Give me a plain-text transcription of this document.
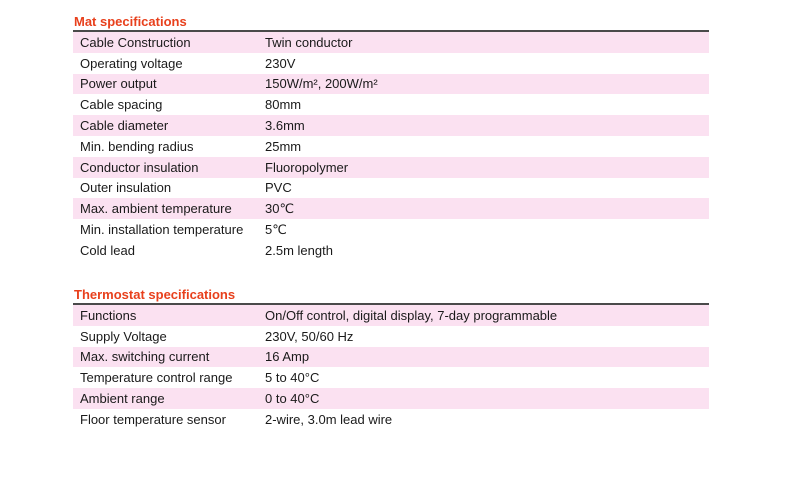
Mat specifications
Cable Construction	Twin conductor
Operating voltage	230V
Power output	150W/m², 200W/m²
Cable spacing	80mm
Cable diameter	3.6mm
Min. bending radius	25mm
Conductor insulation	Fluoropolymer
Outer insulation	PVC
Max. ambient temperature	30℃
Min. installation temperature	5℃
Cold lead	2.5m length
Thermostat specifications
Functions	On/Off control, digital display, 7-day programmable
Supply Voltage	230V, 50/60 Hz
Max. switching current	16 Amp
Temperature control range	5 to 40°C
Ambient range	0 to 40°C
Floor temperature sensor	2-wire, 3.0m lead wire
